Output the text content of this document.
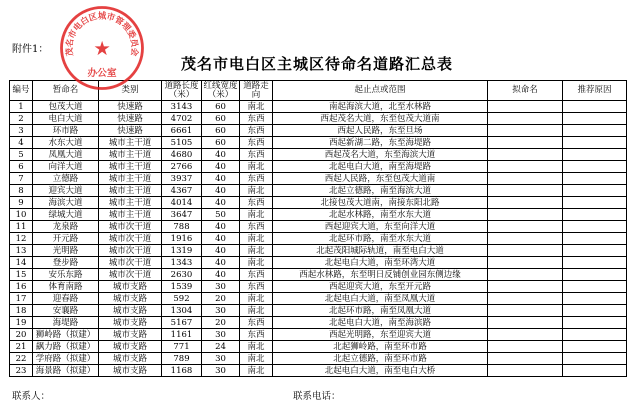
附件1：
茂名市电白区主城区待命名道路汇总表
编号	暂命名	类别	道路长度（米）	红线宽度（米）	道路走向	起止点或范围	拟命名	推荐原因
1	包茂大道	快速路	3143	60	南北	南起海滨大道，北至水林路		
2	电白大道	快速路	4702	60	东西	西起茂名大道，东至包茂大道南		
3	环市路	快速路	6661	60	东西	西起人民路，东至旦场		
4	水东大道	城市主干道	5105	60	东西	西起新湖二路，东至海堤路		
5	凤凰大道	城市主干道	4680	40	东西	西起茂名大道，东至海滨大道		
6	向洋大道	城市主干道	2766	40	南北	北起电白大道，南至海堤路		
7	立德路	城市主干道	3937	40	东西	西起人民路，东至包茂大道南		
8	迎宾大道	城市主干道	4367	40	南北	北起立德路，南至海滨大道		
9	海滨大道	城市主干道	4014	40	东西	北接包茂大道南，南接东阳北路		
10	绿城大道	城市主干道	3647	50	南北	北起水林路，南至水东大道		
11	龙泉路	城市次干道	788	40	东西	西起迎宾大道，东至向洋大道		
12	开元路	城市次干道	1916	40	南北	北起环市路，南至水东大道		
13	光明路	城市次干道	1319	40	南北	北起茂阳城际轨道，南至电白大道		
14	登步路	城市次干道	1343	40	南北	北起电白大道，南至环湾大道		
15	安乐东路	城市次干道	2630	40	东西	西起水林路，东至明日反铺创业园东侧边缘		
16	体育南路	城市支路	1539	30	东西	西起迎宾大道，东至开元路		
17	迎春路	城市支路	592	20	南北	北起电白大道，南至凤凰大道		
18	安襄路	城市支路	1304	30	南北	北起环市路，南至凤凰大道		
19	海堤路	城市支路	5167	20	东西	北起电白大道，南至海滨路		
20	狮岭路（拟建）	城市支路	1161	30	东西	西起光明路，东至迎宾大道		
21	飙力路（拟建）	城市支路	771	24	南北	北起狮岭路，南至环市路		
22	学府路（拟建）	城市支路	789	30	南北	北起立德路，南至环市路		
23	海景路（拟建）	城市支路	1168	30	南北	北起电白大道，南至电白大桥		
联系人：	联系电话：
茂名市电白区城市管理委员会
★
办公室
